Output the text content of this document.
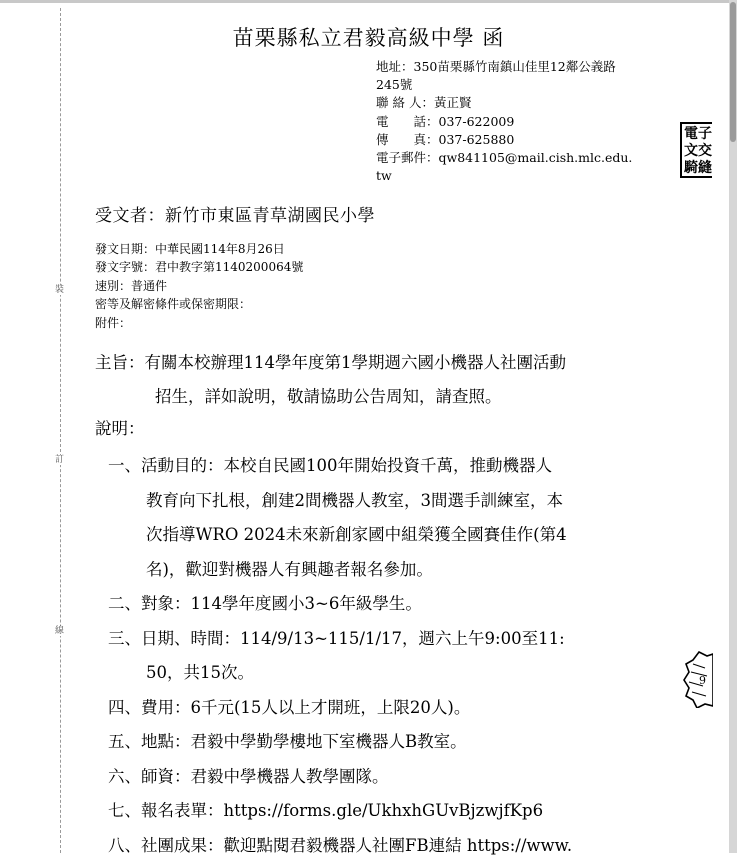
裝
訂
線
苗栗縣私立君毅高級中學 函
地址：350苗栗縣竹南鎮山佳里12鄰公義路
245號
聯 絡 人：黃正賢
電　　話：037-622009
傳　　真：037-625880
電子郵件：qw841105@mail.cish.mlc.edu.
tw
電子
文交
騎縫
9
受文者：新竹市東區青草湖國民小學
發文日期：中華民國114年8月26日
發文字號：君中教字第1140200064號
速別：普通件
密等及解密條件或保密期限：
附件：
主旨：有關本校辦理114學年度第1學期週六國小機器人社團活動
招生，詳如說明，敬請協助公告周知，請查照。
說明：
一、活動目的：本校自民國100年開始投資千萬，推動機器人
教育向下扎根，創建2間機器人教室，3間選手訓練室，本
次指導WRO 2024未來新創家國中組榮獲全國賽佳作(第4
名)，歡迎對機器人有興趣者報名參加。
二、對象：114學年度國小3~6年級學生。
三、日期、時間：114/9/13~115/1/17，週六上午9:00至11:
50，共15次。
四、費用：6千元(15人以上才開班，上限20人)。
五、地點：君毅中學勤學樓地下室機器人B教室。
六、師資：君毅中學機器人教學團隊。
七、報名表單：https://forms.gle/UkhxhGUvBjzwjfKp6
八、社團成果：歡迎點閱君毅機器人社團FB連結 https://www.
